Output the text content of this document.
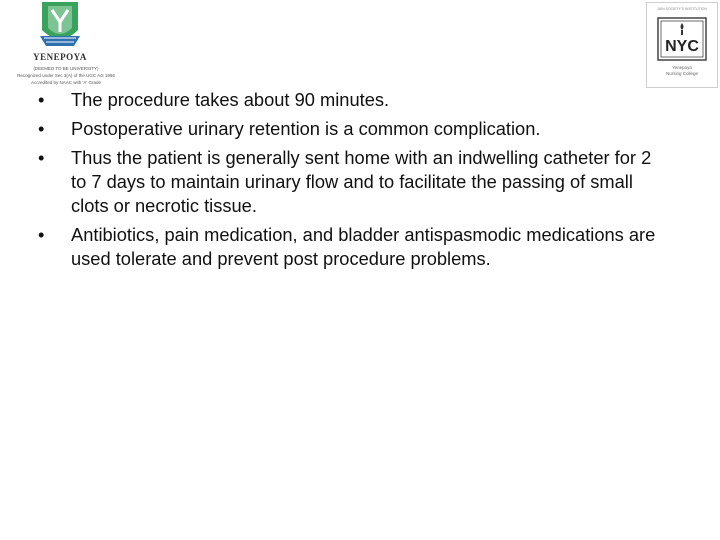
YENEPOYA
(DEEMED TO BE UNIVERSITY)
Recognized under Sec 3(A) of the UGC Act 1956
Accredited by NAAC with 'A' Grade
JAIN SOCIETY'S INSTITUTION
NYC
Yenepoya
Nursing College
•	The procedure takes about 90 minutes.
•	Postoperative urinary retention is a common complication.
•	Thus the patient is generally sent home with an indwelling catheter for 2 to 7 days to maintain urinary flow and to facilitate the passing of small clots or necrotic tissue.
•	Antibiotics, pain medication, and bladder antispasmodic medications are used tolerate and prevent post procedure problems.
